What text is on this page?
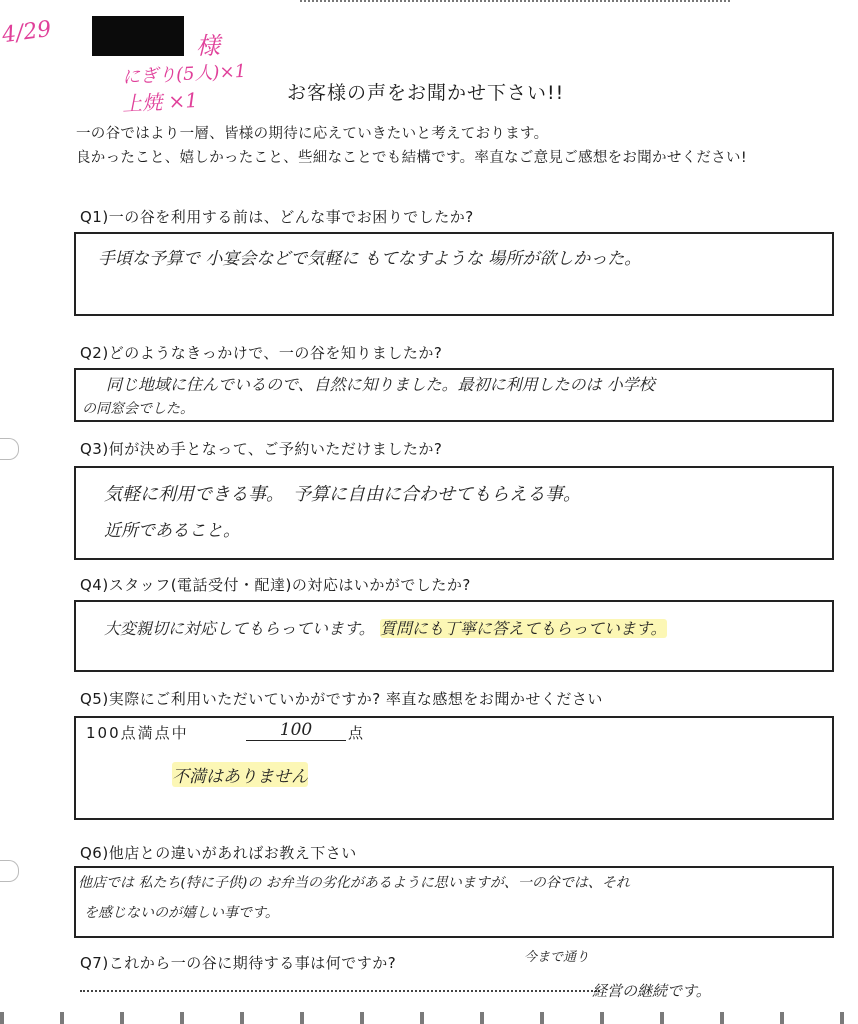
4/29	様
にぎり(5人)×1
上焼 ×1	お客様の声をお聞かせ下さい!!
一の谷ではより一層、皆様の期待に応えていきたいと考えております。
良かったこと、嬉しかったこと、些細なことでも結構です。率直なご意見ご感想をお聞かせください!
Q1)一の谷を利用する前は、どんな事でお困りでしたか?
手頃な予算で 小宴会などで気軽に もてなすような 場所が欲しかった。
Q2)どのようなきっかけで、一の谷を知りましたか?
同じ地域に住んでいるので、自然に知りました。最初に利用したのは 小学校
の同窓会でした。
Q3)何が決め手となって、ご予約いただけましたか?
気軽に利用できる事。　予算に自由に合わせてもらえる事。
近所であること。
Q4)スタッフ(電話受付・配達)の対応はいかがでしたか?
大変親切に対応してもらっています。 質問にも丁寧に答えてもらっています。
Q5)実際にご利用いただいていかがですか? 率直な感想をお聞かせください
100点満点中	100	点
不満はありません
Q6)他店との違いがあればお教え下さい
他店では 私たち(特に子供)の お弁当の劣化があるように思いますが、一の谷では、それ
を感じないのが嬉しい事です。
Q7)これから一の谷に期待する事は何ですか?	今まで通り
経営の継続です。
